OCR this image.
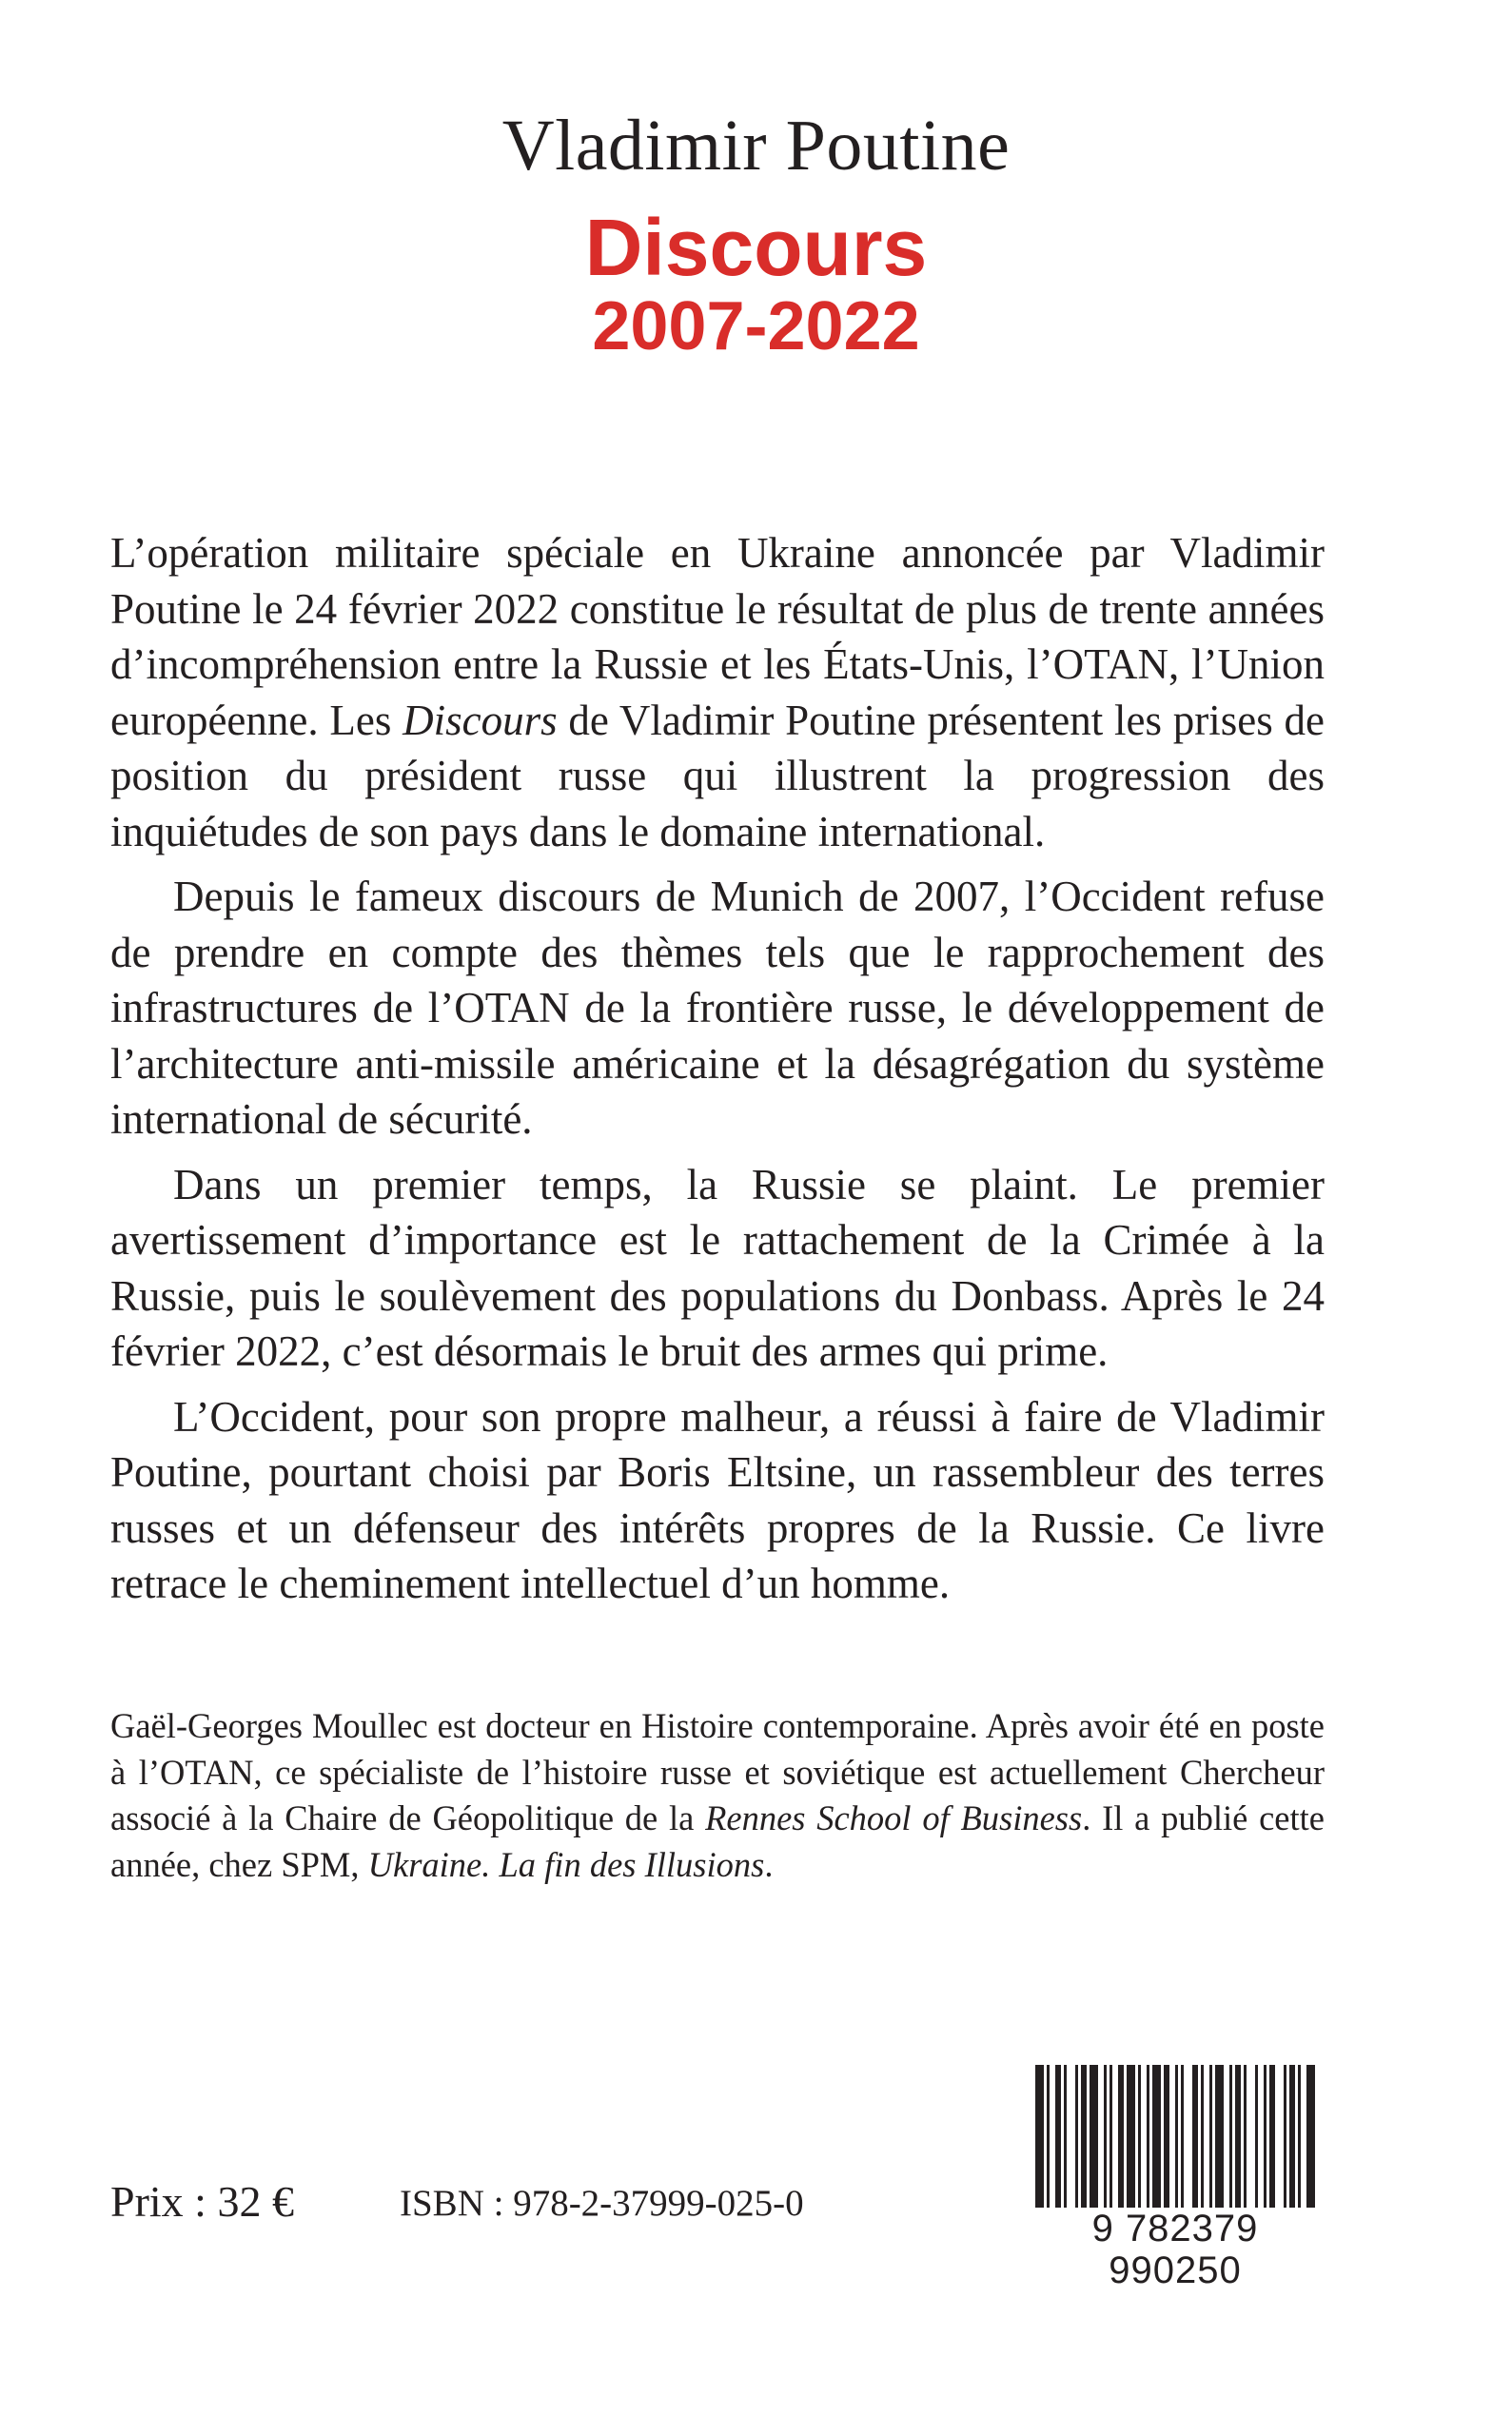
Vladimir Poutine
Discours
2007-2022

L’opération militaire spéciale en Ukraine annoncée par Vladimir Poutine le 24 février 2022 constitue le résultat de plus de trente années d’incompréhension entre la Russie et les États-Unis, l’OTAN, l’Union européenne. Les Discours de Vladimir Poutine présentent les prises de position du président russe qui illustrent la progression des inquiétudes de son pays dans le domaine international.

Depuis le fameux discours de Munich de 2007, l’Occident refuse de prendre en compte des thèmes tels que le rapprochement des infrastructures de l’OTAN de la frontière russe, le développement de l’architecture anti-missile américaine et la désagrégation du système international de sécurité.

Dans un premier temps, la Russie se plaint. Le premier avertissement d’importance est le rattachement de la Crimée à la Russie, puis le soulèvement des populations du Donbass. Après le 24 février 2022, c’est désormais le bruit des armes qui prime.

L’Occident, pour son propre malheur, a réussi à faire de Vladimir Poutine, pourtant choisi par Boris Eltsine, un rassembleur des terres russes et un défenseur des intérêts propres de la Russie. Ce livre retrace le cheminement intellectuel d’un homme.

Gaël-Georges Moullec est docteur en Histoire contemporaine. Après avoir été en poste à l’OTAN, ce spécialiste de l’histoire russe et soviétique est actuellement Chercheur associé à la Chaire de Géopolitique de la Rennes School of Business. Il a publié cette année, chez SPM, Ukraine. La fin des Illusions.

Prix : 32 €	ISBN : 978-2-37999-025-0
9 782379 990250
